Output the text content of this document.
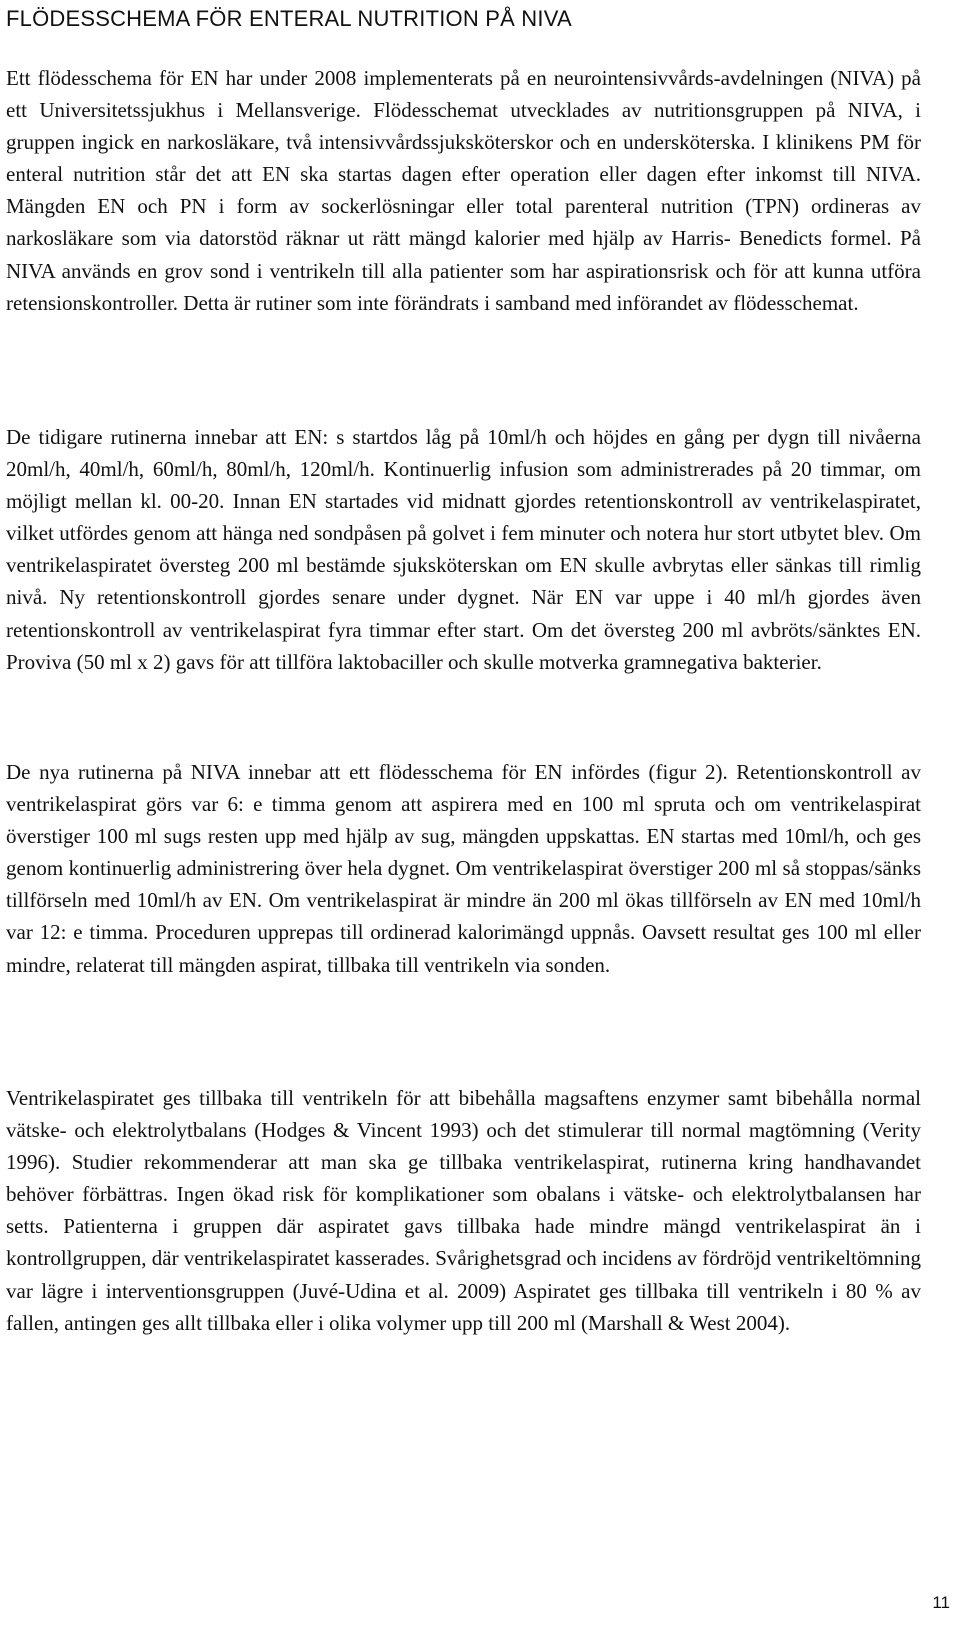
FLÖDESSCHEMA FÖR ENTERAL NUTRITION PÅ NIVA

Ett flödesschema för EN har under 2008 implementerats på en neurointensivvårds-avdelningen (NIVA) på ett Universitetssjukhus i Mellansverige. Flödesschemat utvecklades av nutritionsgruppen på NIVA, i gruppen ingick en narkosläkare, två intensivvårdssjuksköterskor och en undersköterska. I klinikens PM för enteral nutrition står det att EN ska startas dagen efter operation eller dagen efter inkomst till NIVA. Mängden EN och PN i form av sockerlösningar eller total parenteral nutrition (TPN) ordineras av narkosläkare som via datorstöd räknar ut rätt mängd kalorier med hjälp av Harris- Benedicts formel. På NIVA används en grov sond i ventrikeln till alla patienter som har aspirationsrisk och för att kunna utföra retensionskontroller. Detta är rutiner som inte förändrats i samband med införandet av flödesschemat.

De tidigare rutinerna innebar att EN: s startdos låg på 10ml/h och höjdes en gång per dygn till nivåerna 20ml/h, 40ml/h, 60ml/h, 80ml/h, 120ml/h. Kontinuerlig infusion som administrerades på 20 timmar, om möjligt mellan kl. 00-20. Innan EN startades vid midnatt gjordes retentionskontroll av ventrikelaspiratet, vilket utfördes genom att hänga ned sondpåsen på golvet i fem minuter och notera hur stort utbytet blev. Om ventrikelaspiratet översteg 200 ml bestämde sjuksköterskan om EN skulle avbrytas eller sänkas till rimlig nivå. Ny retentionskontroll gjordes senare under dygnet. När EN var uppe i 40 ml/h gjordes även retentionskontroll av ventrikelaspirat fyra timmar efter start. Om det översteg 200 ml avbröts/sänktes EN. Proviva (50 ml x 2) gavs för att tillföra laktobaciller och skulle motverka gramnegativa bakterier.

De nya rutinerna på NIVA innebar att ett flödesschema för EN infördes (figur 2). Retentionskontroll av ventrikelaspirat görs var 6: e timma genom att aspirera med en 100 ml spruta och om ventrikelaspirat överstiger 100 ml sugs resten upp med hjälp av sug, mängden uppskattas. EN startas med 10ml/h, och ges genom kontinuerlig administrering över hela dygnet. Om ventrikelaspirat överstiger 200 ml så stoppas/sänks tillförseln med 10ml/h av EN. Om ventrikelaspirat är mindre än 200 ml ökas tillförseln av EN med 10ml/h var 12: e timma. Proceduren upprepas till ordinerad kalorimängd uppnås. Oavsett resultat ges 100 ml eller mindre, relaterat till mängden aspirat, tillbaka till ventrikeln via sonden.

Ventrikelaspiratet ges tillbaka till ventrikeln för att bibehålla magsaftens enzymer samt bibehålla normal vätske- och elektrolytbalans (Hodges & Vincent 1993) och det stimulerar till normal magtömning (Verity 1996). Studier rekommenderar att man ska ge tillbaka ventrikelaspirat, rutinerna kring handhavandet behöver förbättras. Ingen ökad risk för komplikationer som obalans i vätske- och elektrolytbalansen har setts. Patienterna i gruppen där aspiratet gavs tillbaka hade mindre mängd ventrikelaspirat än i kontrollgruppen, där ventrikelaspiratet kasserades. Svårighetsgrad och incidens av fördröjd ventrikeltömning var lägre i interventionsgruppen (Juvé-Udina et al. 2009) Aspiratet ges tillbaka till ventrikeln i 80 % av fallen, antingen ges allt tillbaka eller i olika volymer upp till 200 ml (Marshall & West 2004).

11
